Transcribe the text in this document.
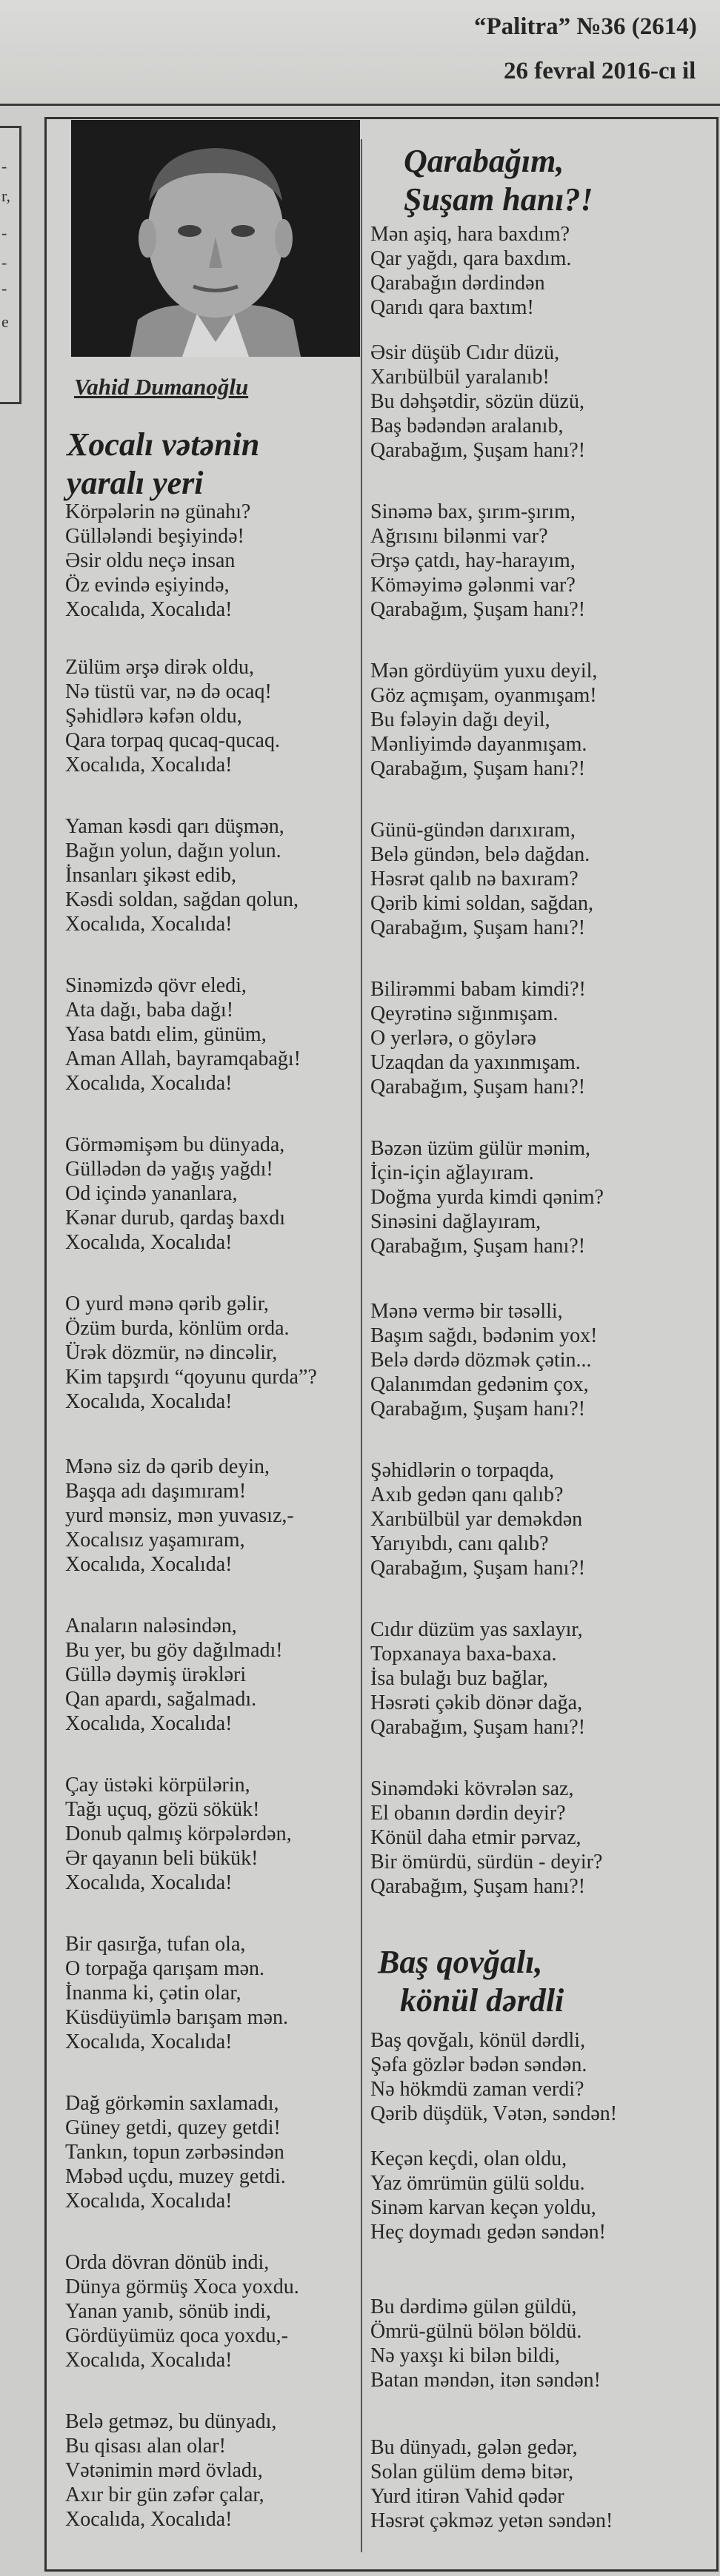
“Palitra” №36 (2614)
26 fevral 2016-cı il
-
r,
-
-
-
e
Vahid Dumanoğlu
Xocalı vətənin
yaralı yeri
Qarabağım,
Şuşam hanı?!
Baş qovğalı,
könül dərdli
Körpələrin nə günahı?
Güllələndi beşiyində!
Əsir oldu neçə insan
Öz evində eşiyində,
Xocalıda, Xocalıda!
Zülüm ərşə dirək oldu,
Nə tüstü var, nə də ocaq!
Şəhidlərə kəfən oldu,
Qara torpaq qucaq-qucaq.
Xocalıda, Xocalıda!
Yaman kəsdi qarı düşmən,
Bağın yolun, dağın yolun.
İnsanları şikəst edib,
Kəsdi soldan, sağdan qolun,
Xocalıda, Xocalıda!
Sinəmizdə qövr eledi,
Ata dağı, baba dağı!
Yasa batdı elim, günüm,
Aman Allah, bayramqabağı!
Xocalıda, Xocalıda!
Görməmişəm bu dünyada,
Güllədən də yağış yağdı!
Od içində yananlara,
Kənar durub, qardaş baxdı
Xocalıda, Xocalıda!
O yurd mənə qərib gəlir,
Özüm burda, könlüm orda.
Ürək dözmür, nə dincəlir,
Kim tapşırdı “qoyunu qurda”?
Xocalıda, Xocalıda!
Mənə siz də qərib deyin,
Başqa adı daşımıram!
yurd mənsiz, mən yuvasız,-
Xocalısız yaşamıram,
Xocalıda, Xocalıda!
Anaların naləsindən,
Bu yer, bu göy dağılmadı!
Güllə dəymiş ürəkləri
Qan apardı, sağalmadı.
Xocalıda, Xocalıda!
Çay üstəki körpülərin,
Tağı uçuq, gözü sökük!
Donub qalmış körpələrdən,
Ər qayanın beli bükük!
Xocalıda, Xocalıda!
Bir qasırğa, tufan ola,
O torpağa qarışam mən.
İnanma ki, çətin olar,
Küsdüyümlə barışam mən.
Xocalıda, Xocalıda!
Dağ görkəmin saxlamadı,
Güney getdi, quzey getdi!
Tankın, topun zərbəsindən
Məbəd uçdu, muzey getdi.
Xocalıda, Xocalıda!
Orda dövran dönüb indi,
Dünya görmüş Xoca yoxdu.
Yanan yanıb, sönüb indi,
Gördüyümüz qoca yoxdu,-
Xocalıda, Xocalıda!
Belə getməz, bu dünyadı,
Bu qisası alan olar!
Vətənimin mərd övladı,
Axır bir gün zəfər çalar,
Xocalıda, Xocalıda!
Mən aşiq, hara baxdım?
Qar yağdı, qara baxdım.
Qarabağın dərdindən
Qarıdı qara baxtım!
Əsir düşüb Cıdır düzü,
Xarıbülbül yaralanıb!
Bu dəhşətdir, sözün düzü,
Baş bədəndən aralanıb,
Qarabağım, Şuşam hanı?!
Sinəmə bax, şırım-şırım,
Ağrısını bilənmi var?
Ərşə çatdı, hay-harayım,
Köməyimə gələnmi var?
Qarabağım, Şuşam hanı?!
Mən gördüyüm yuxu deyil,
Göz açmışam, oyanmışam!
Bu fələyin dağı deyil,
Mənliyimdə dayanmışam.
Qarabağım, Şuşam hanı?!
Günü-gündən darıxıram,
Belə gündən, belə dağdan.
Həsrət qalıb nə baxıram?
Qərib kimi soldan, sağdan,
Qarabağım, Şuşam hanı?!
Bilirəmmi babam kimdi?!
Qeyrətinə sığınmışam.
O yerlərə, o göylərə
Uzaqdan da yaxınmışam.
Qarabağım, Şuşam hanı?!
Bəzən üzüm gülür mənim,
İçin-için ağlayıram.
Doğma yurda kimdi qənim?
Sinəsini dağlayıram,
Qarabağım, Şuşam hanı?!
Mənə vermə bir təsəlli,
Başım sağdı, bədənim yox!
Belə dərdə dözmək çətin...
Qalanımdan gedənim çox,
Qarabağım, Şuşam hanı?!
Şəhidlərin o torpaqda,
Axıb gedən qanı qalıb?
Xarıbülbül yar deməkdən
Yarıyıbdı, canı qalıb?
Qarabağım, Şuşam hanı?!
Cıdır düzüm yas saxlayır,
Topxanaya baxa-baxa.
İsa bulağı buz bağlar,
Həsrəti çəkib dönər dağa,
Qarabağım, Şuşam hanı?!
Sinəmdəki kövrələn saz,
El obanın dərdin deyir?
Könül daha etmir pərvaz,
Bir ömürdü, sürdün - deyir?
Qarabağım, Şuşam hanı?!
Baş qovğalı, könül dərdli,
Şəfa gözlər bədən səndən.
Nə hökmdü zaman verdi?
Qərib düşdük, Vətən, səndən!
Keçən keçdi, olan oldu,
Yaz ömrümün gülü soldu.
Sinəm karvan keçən yoldu,
Heç doymadı gedən səndən!
Bu dərdimə gülən güldü,
Ömrü-gülnü bölən böldü.
Nə yaxşı ki bilən bildi,
Batan məndən, itən səndən!
Bu dünyadı, gələn gedər,
Solan gülüm demə bitər,
Yurd itirən Vahid qədər
Həsrət çəkməz yetən səndən!
